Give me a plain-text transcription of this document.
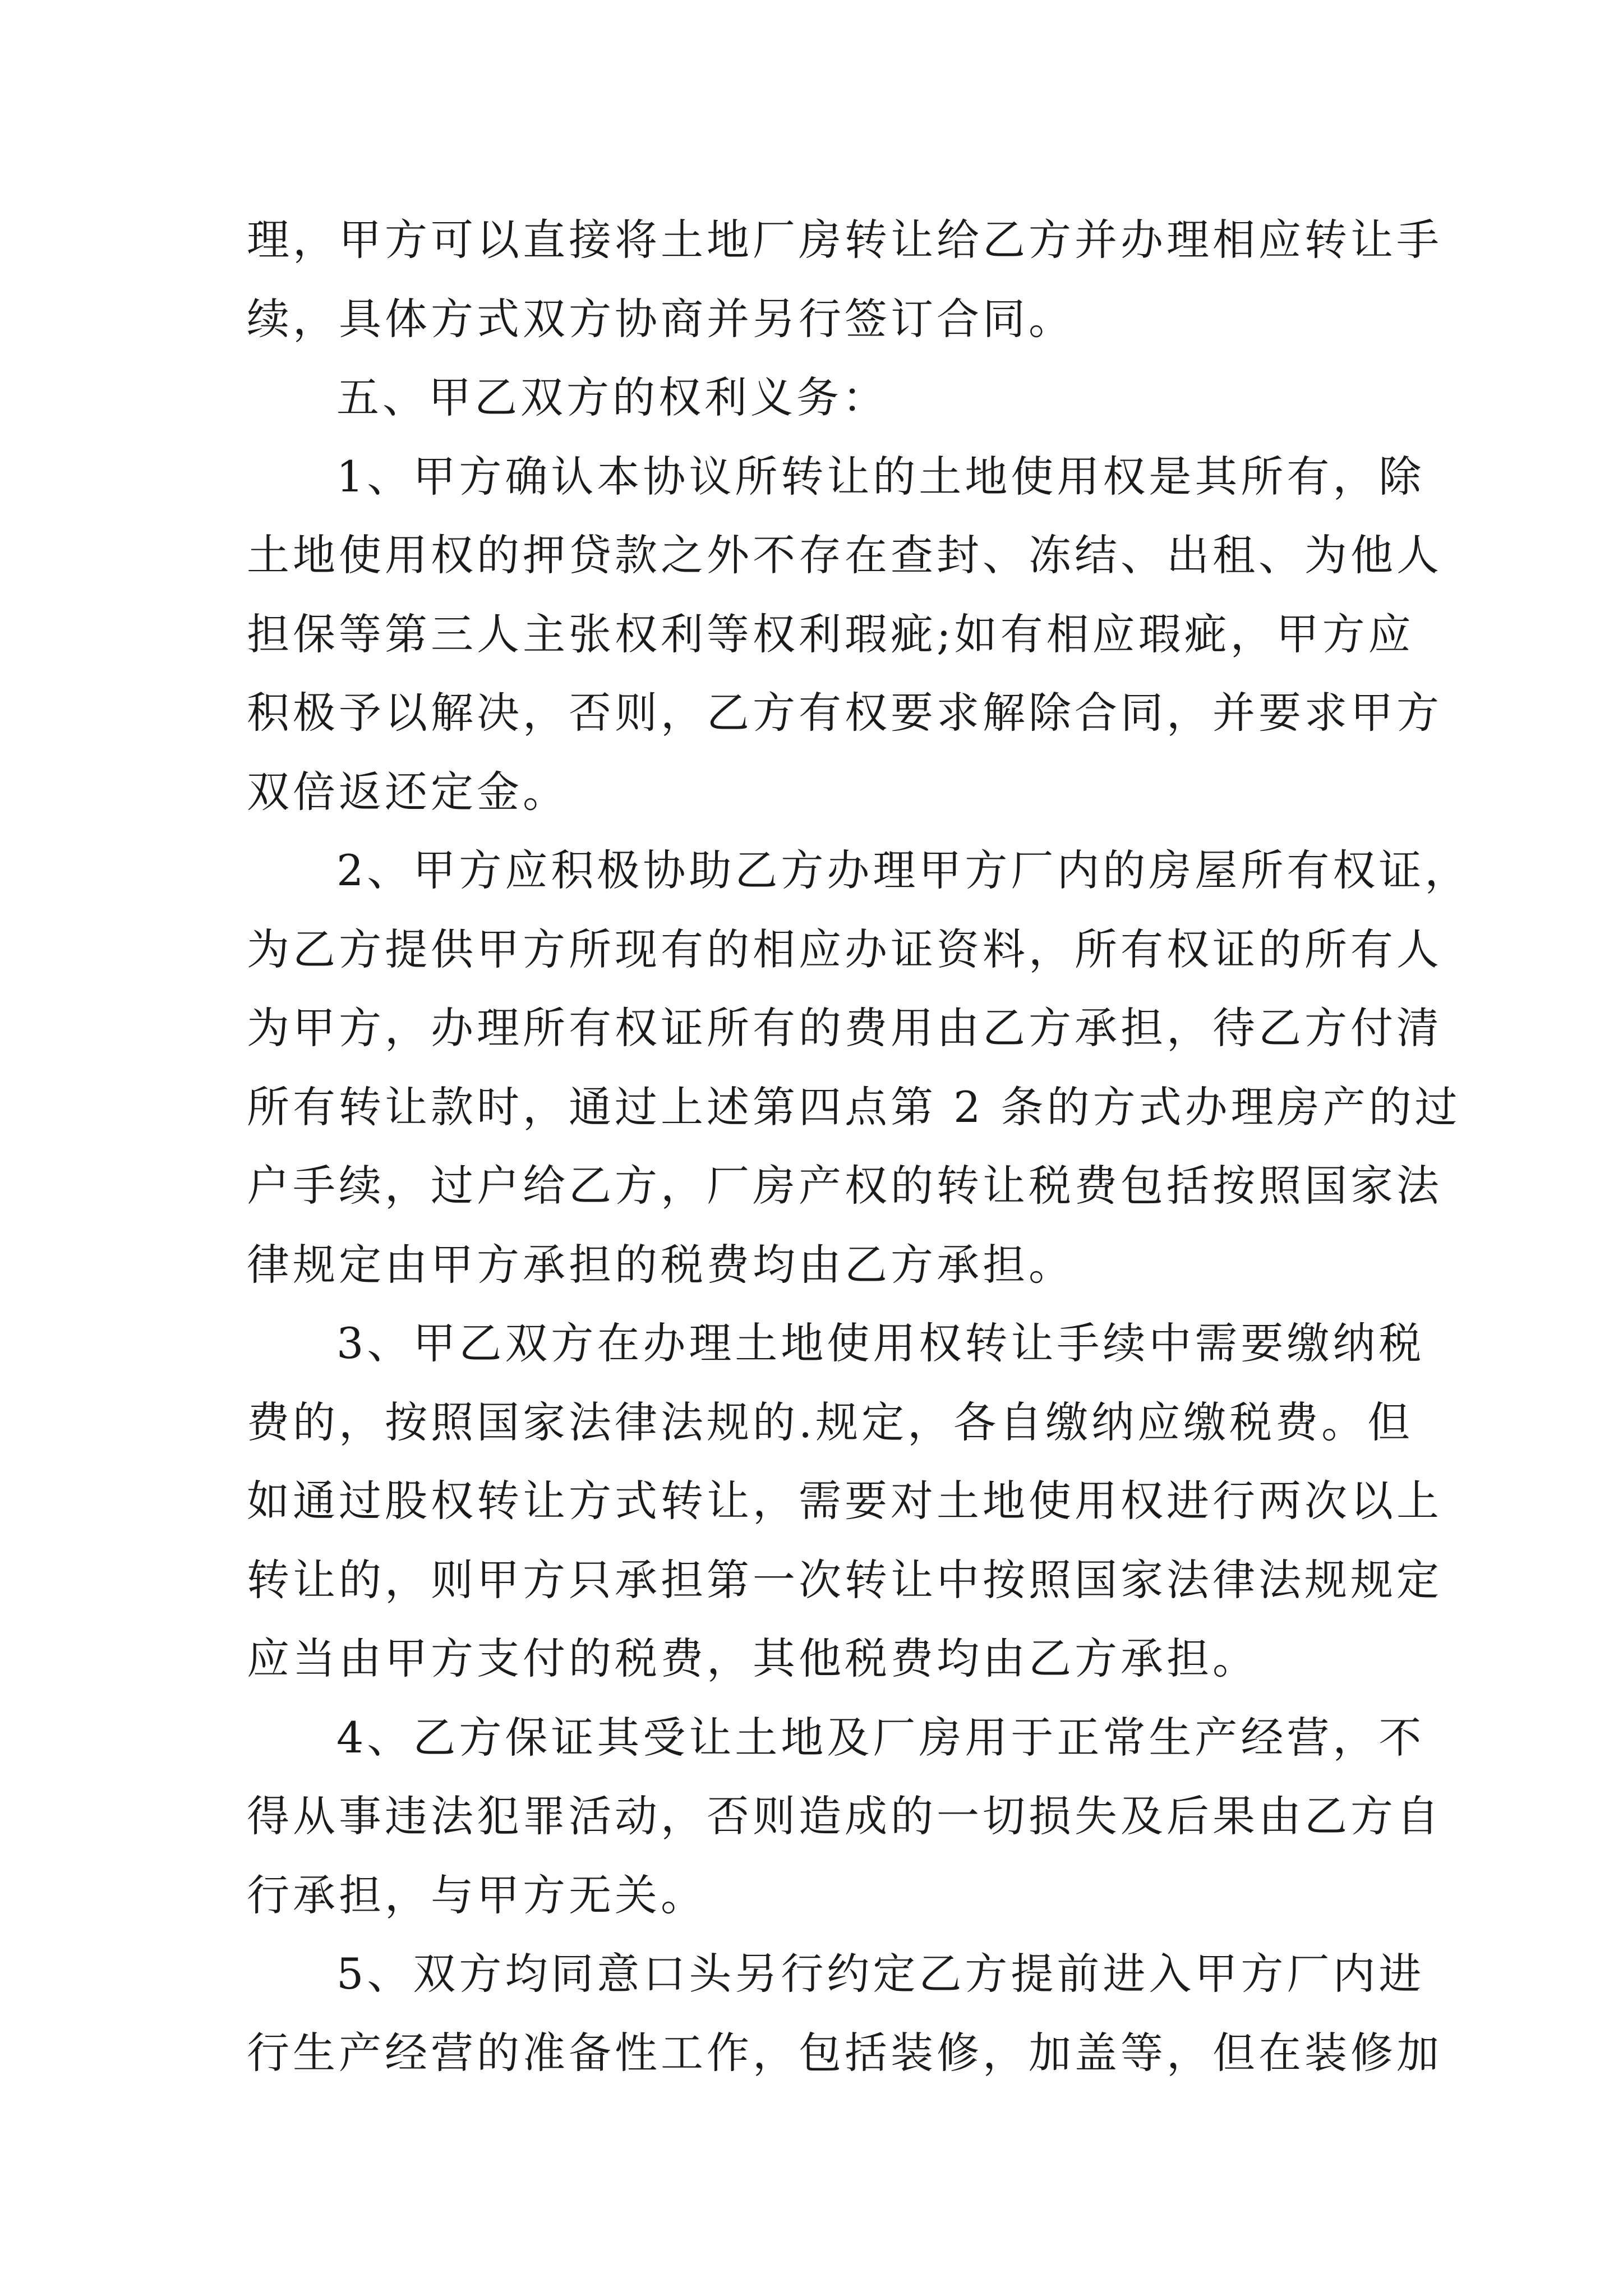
理，甲方可以直接将土地厂房转让给乙方并办理相应转让手
续，具体方式双方协商并另行签订合同。
五、甲乙双方的权利义务：
1、甲方确认本协议所转让的土地使用权是其所有，除
土地使用权的押贷款之外不存在查封、冻结、出租、为他人
担保等第三人主张权利等权利瑕疵;如有相应瑕疵，甲方应
积极予以解决，否则，乙方有权要求解除合同，并要求甲方
双倍返还定金。
2、甲方应积极协助乙方办理甲方厂内的房屋所有权证，
为乙方提供甲方所现有的相应办证资料，所有权证的所有人
为甲方，办理所有权证所有的费用由乙方承担，待乙方付清
所有转让款时，通过上述第四点第 2 条的方式办理房产的过
户手续，过户给乙方，厂房产权的转让税费包括按照国家法
律规定由甲方承担的税费均由乙方承担。
3、甲乙双方在办理土地使用权转让手续中需要缴纳税
费的，按照国家法律法规的.规定，各自缴纳应缴税费。但
如通过股权转让方式转让，需要对土地使用权进行两次以上
转让的，则甲方只承担第一次转让中按照国家法律法规规定
应当由甲方支付的税费，其他税费均由乙方承担。
4、乙方保证其受让土地及厂房用于正常生产经营，不
得从事违法犯罪活动，否则造成的一切损失及后果由乙方自
行承担，与甲方无关。
5、双方均同意口头另行约定乙方提前进入甲方厂内进
行生产经营的准备性工作，包括装修，加盖等，但在装修加
